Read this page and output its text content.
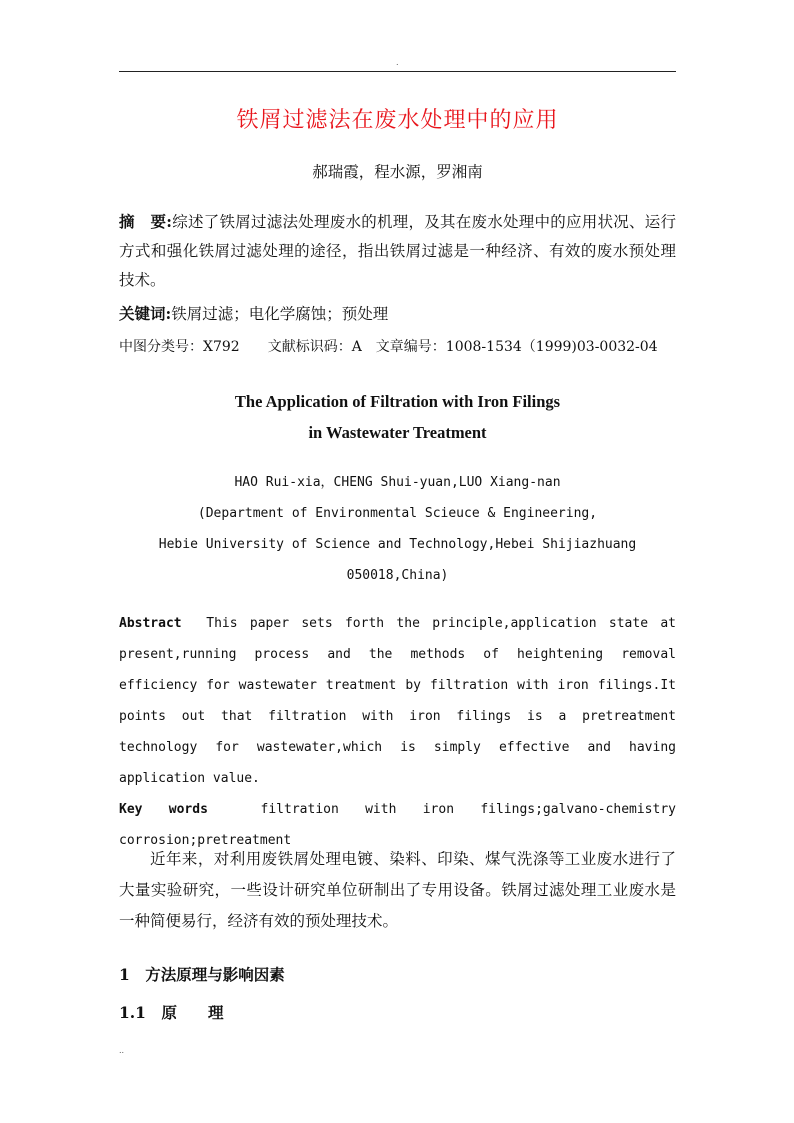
.
铁屑过滤法在废水处理中的应用
郝瑞霞，程水源，罗湘南
摘　要:综述了铁屑过滤法处理废水的机理，及其在废水处理中的应用状况、运行方式和强化铁屑过滤处理的途径，指出铁屑过滤是一种经济、有效的废水预处理技术。
关键词:铁屑过滤；电化学腐蚀；预处理
中图分类号：X792　　文献标识码：A　文章编号：1008-1534（1999)03-0032-04
The Application of Filtration with Iron Filings
in Wastewater Treatment
HAO Rui-xia，CHENG Shui-yuan,LUO Xiang-nan
(Department of Environmental Scieuce & Engineering,
Hebie University of Science and Technology,Hebei Shijiazhuang
050018,China)
Abstract This paper sets forth the principle,application state at present,running process and the methods of heightening removal efficiency for wastewater treatment by filtration with iron filings.It points out that filtration with iron filings is a pretreatment technology for wastewater,which is simply effective and having application value.
Key words	filtration with iron filings;galvano-chemistry corrosion;pretreatment

近年来，对利用废铁屑处理电镀、染料、印染、煤气洗涤等工业废水进行了大量实验研究，一些设计研究单位研制出了专用设备。铁屑过滤处理工业废水是一种简便易行，经济有效的预处理技术。

1　方法原理与影响因素
1.1　原　　理
..
